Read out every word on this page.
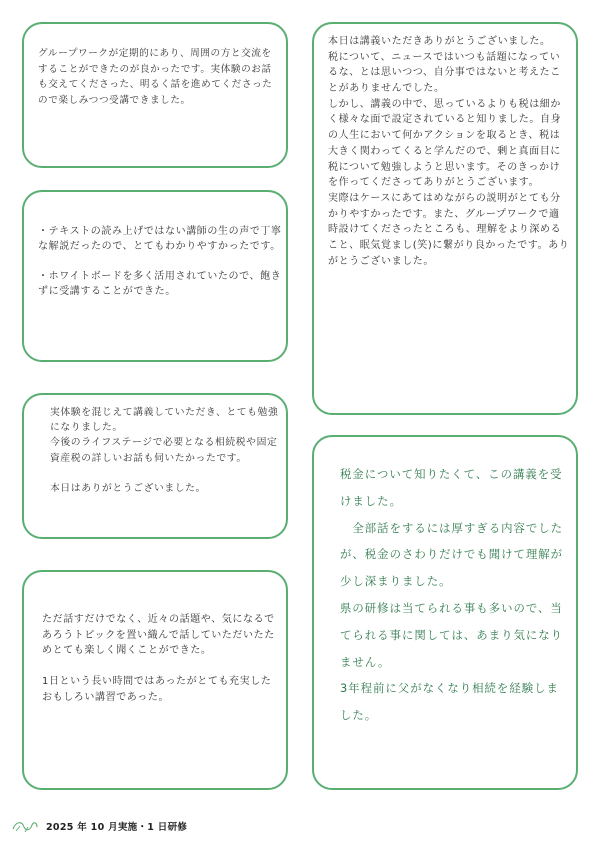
グループワークが定期的にあり、周囲の方と交流をすることができたのが良かったです。実体験のお話も交えてくださった、明るく話を進めてくださったので楽しみつつ受講できました。

・テキストの読み上げではない講師の生の声で丁寧な解説だったので、とてもわかりやすかったです。

・ホワイトボードを多く活用されていたので、飽きずに受講することができた。

実体験を混じえて講義していただき、とても勉強になりました。
今後のライフステージで必要となる相続税や固定資産税の詳しいお話も伺いたかったです。

本日はありがとうございました。

ただ話すだけでなく、近々の話題や、気になるであろうトピックを置い織んで話していただいたためとても楽しく聞くことができた。

1日という長い時間ではあったがとても充実したおもしろい講習であった。

本日は講義いただきありがとうございました。
税について、ニュースではいつも話題になっているな、とは思いつつ、自分事ではないと考えたことがありませんでした。
しかし、講義の中で、思っているよりも税は細かく様々な面で設定されていると知りました。自身の人生において何かアクションを取るとき、税は大きく関わってくると学んだので、剰と真面目に税について勉強しようと思います。そのきっかけを作ってくださってありがとうございます。
実際はケースにあてはめながらの説明がとても分かりやすかったです。また、グループワークで適時設けてくださったところも、理解をより深めること、眠気覚まし(笑)に繋がり良かったです。ありがとうございました。

税金について知りたくて、この講義を受けました。
　全部話をするには厚すぎる内容でしたが、税金のさわりだけでも聞けて理解が少し深まりました。
県の研修は当てられる事も多いので、当てられる事に関しては、あまり気になりません。
3年程前に父がなくなり相続を経験しました。

2025 年 10 月実施・1 日研修
